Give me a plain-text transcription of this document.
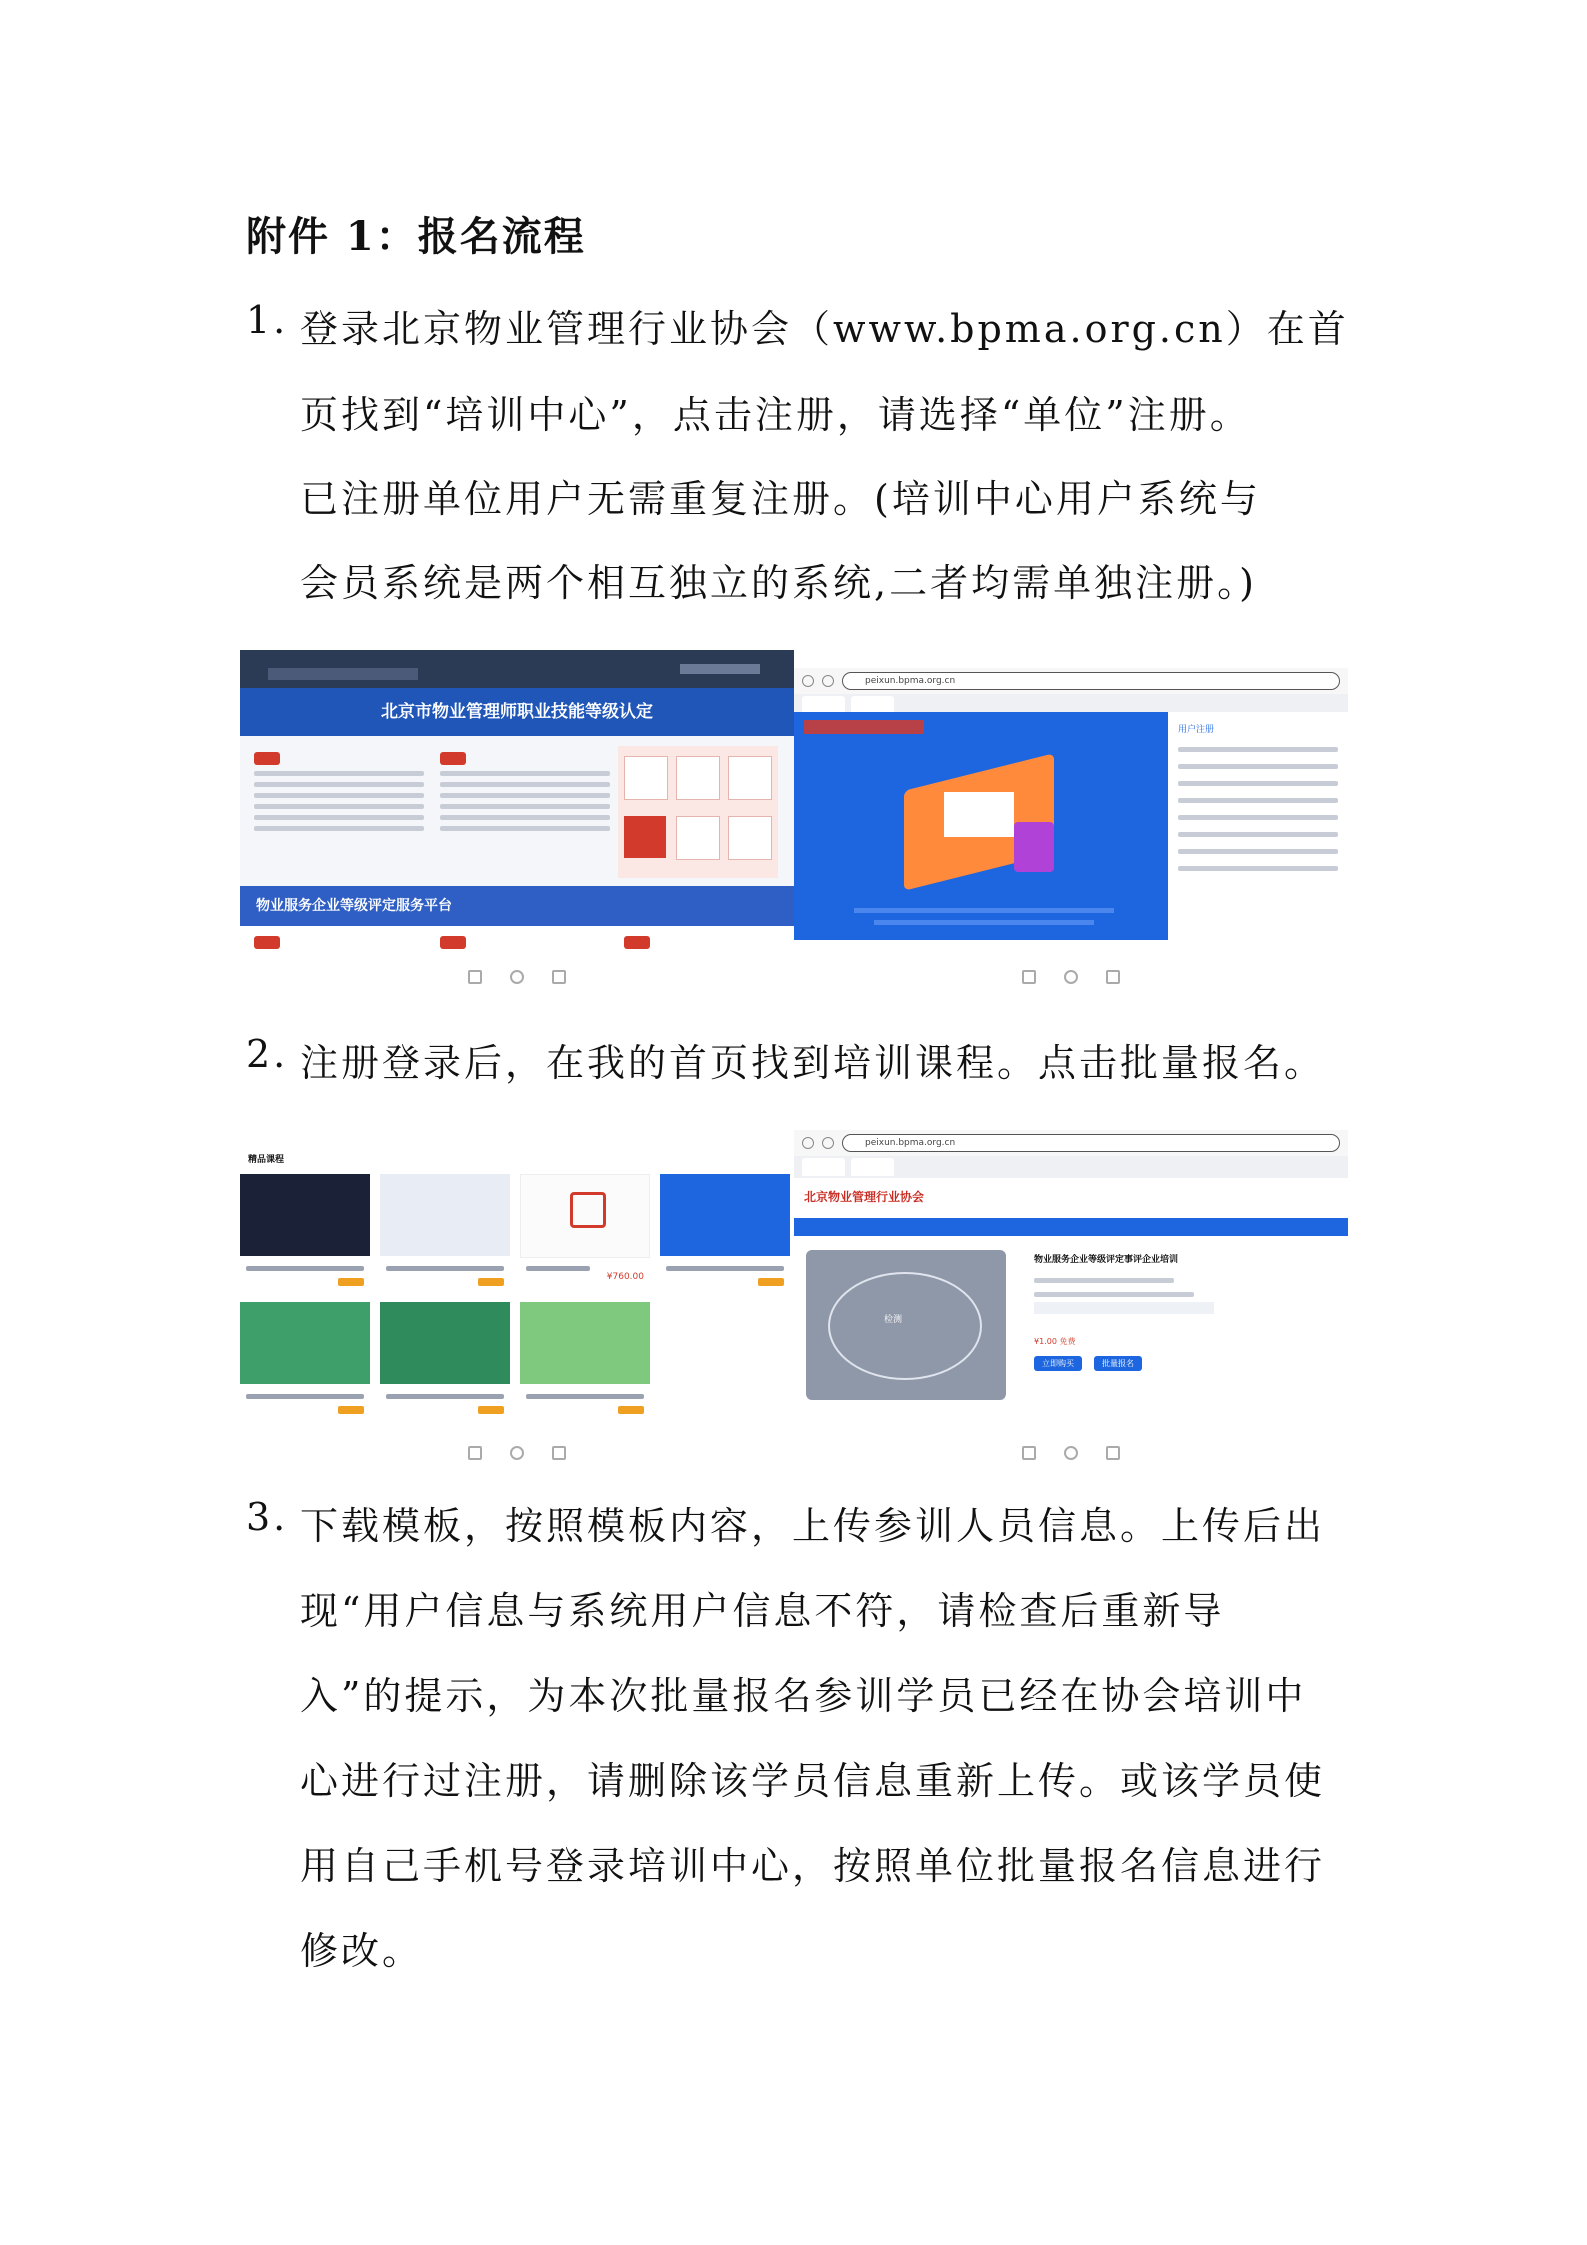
附件 1：报名流程
1. 登录北京物业管理行业协会（www.bpma.org.cn）在首
页找到“培训中心”，点击注册，请选择“单位”注册。
已注册单位用户无需重复注册。(培训中心用户系统与
会员系统是两个相互独立的系统,二者均需单独注册。)
北京市物业管理师职业技能等级认定

物业服务企业等级评定服务平台

peixun.bpma.org.cn

用户注册
2. 注册登录后，在我的首页找到培训课程。点击批量报名。

精品课程
¥760.00

peixun.bpma.org.cn

北京物业管理行业协会
检测
物业服务企业等级评定事评企业培训
¥1.00 免费
立即购买	批量报名
3. 下载模板，按照模板内容，上传参训人员信息。上传后出
现“用户信息与系统用户信息不符，请检查后重新导
入”的提示，为本次批量报名参训学员已经在协会培训中
心进行过注册，请删除该学员信息重新上传。或该学员使
用自己手机号登录培训中心，按照单位批量报名信息进行
修改。
